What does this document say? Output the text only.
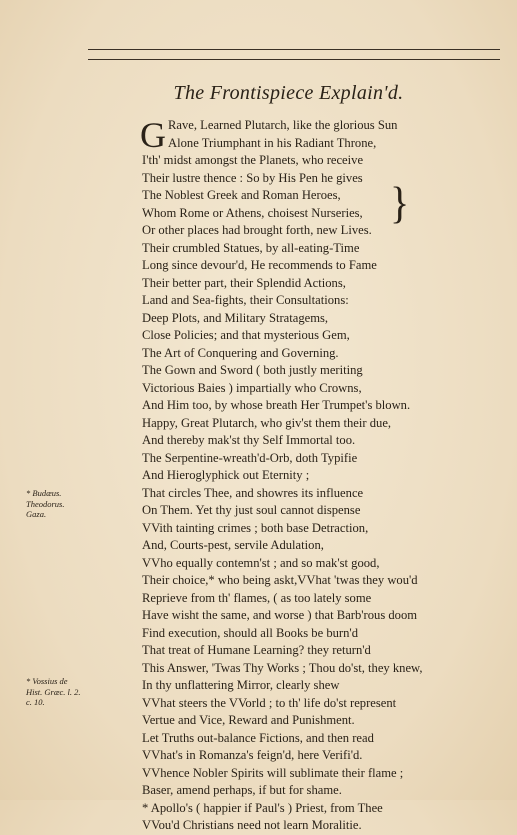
The Frontispiece Explain'd.
G Rave, Learned Plutarch, like the glorious Sun
Alone Triumphant in his Radiant Throne,
I'th' midst amongst the Planets, who receive
Their lustre thence : So by His Pen he gives
The Noblest Greek and Roman Heroes,
Whom Rome or Athens, choisest Nurseries,
Or other places had brought forth, new Lives.
Their crumbled Statues, by all-eating-Time
Long since devour'd, He recommends to Fame
Their better part, their Splendid Actions,
Land and Sea-fights, their Consultations:
Deep Plots, and Military Stratagems,
Close Policies; and that mysterious Gem,
The Art of Conquering and Governing.
The Gown and Sword ( both justly meriting
Victorious Baies ) impartially who Crowns,
And Him too, by whose breath Her Trumpet's blown.
Happy, Great Plutarch, who giv'st them their due,
And thereby mak'st thy Self Immortal too.
The Serpentine-wreath'd-Orb, doth Typifie
And Hieroglyphick out Eternity ;
That circles Thee, and showres its influence
On Them. Yet thy just soul cannot dispense
VVith tainting crimes ; both base Detraction,
And, Courts-pest, servile Adulation,
VVho equally contemn'st ; and so mak'st good,
Their choice,* who being askt,VVhat 'twas they wou'd
Reprieve from th' flames, ( as too lately some
Have wisht the same, and worse ) that Barb'rous doom
Find execution, should all Books be burn'd
That treat of Humane Learning? they return'd
This Answer, 'Twas Thy Works ; Thou do'st, they knew,
In thy unflattering Mirror, clearly shew
VVhat steers the VVorld ; to th' life do'st represent
Vertue and Vice, Reward and Punishment.
Let Truths out-balance Fictions, and then read
VVhat's in Romanza's feign'd, here Verifi'd.
VVhence Nobler Spirits will sublimate their flame ;
Baser, amend perhaps, if but for shame.
* Apollo's ( happier if Paul's ) Priest, from Thee
VVou'd Christians need not learn Moralitie.
}
* Budæus.
Theodorus.
Gaza.
* Vossius de
Hist. Græc. l. 2.
c. 10.
